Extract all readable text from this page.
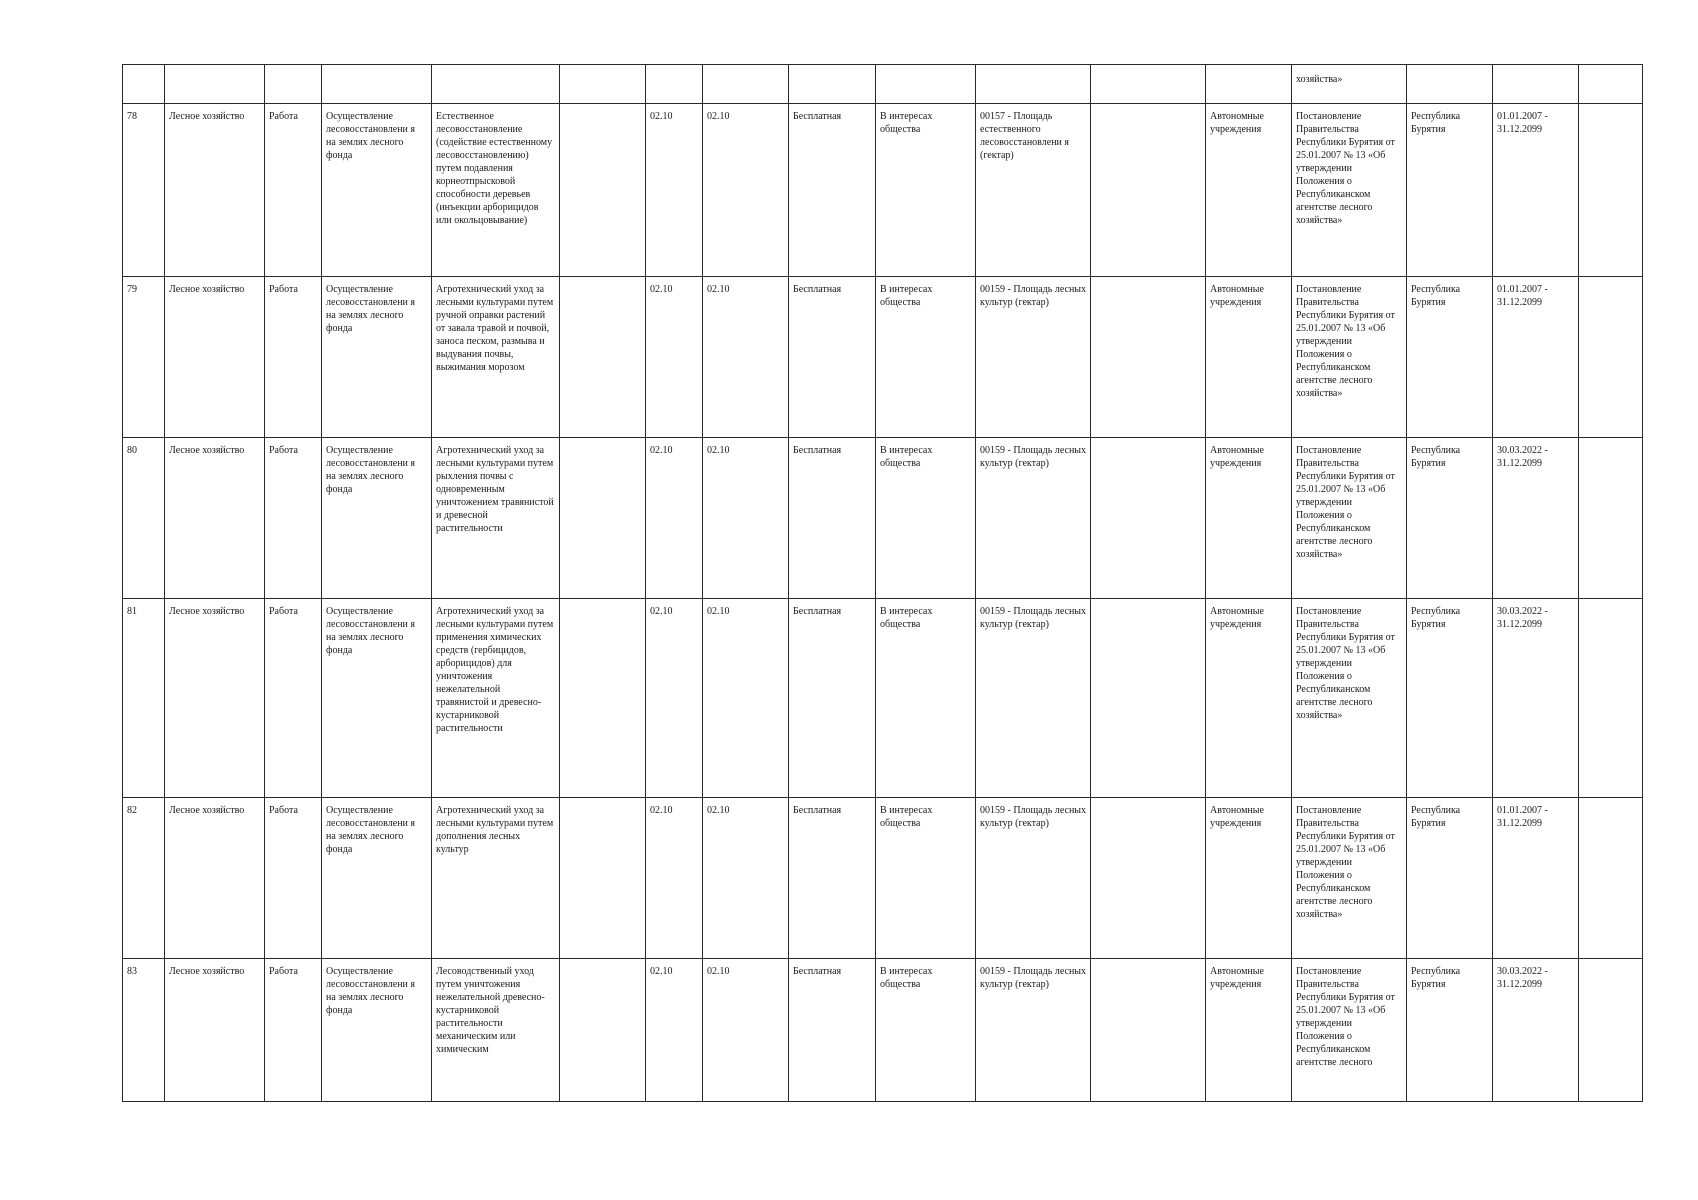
													хозяйства»			
78	Лесное хозяйство	Работа	Осуществление лесовосстановлени я на землях лесного фонда	Естественное лесовосстановление (содействие естественному лесовосстановлению) путем подавления корнеотпрысковой способности деревьев (инъекции арборицидов или окольцовывание)		02.10	02.10	Бесплатная	В интересах общества	00157 - Площадь естественного лесовосстановлени я (гектар)		Автономные учреждения	Постановление Правительства Республики Бурятия от 25.01.2007 № 13 «Об утверждении Положения о Республиканском агентстве лесного хозяйства»	Республика Бурятия	01.01.2007 - 31.12.2099	
79	Лесное хозяйство	Работа	Осуществление лесовосстановлени я на землях лесного фонда	Агротехнический уход за лесными культурами путем ручной оправки растений от завала травой и почвой, заноса песком, размыва и выдувания почвы, выжимания морозом		02.10	02.10	Бесплатная	В интересах общества	00159 - Площадь лесных культур (гектар)		Автономные учреждения	Постановление Правительства Республики Бурятия от 25.01.2007 № 13 «Об утверждении Положения о Республиканском агентстве лесного хозяйства»	Республика Бурятия	01.01.2007 - 31.12.2099	
80	Лесное хозяйство	Работа	Осуществление лесовосстановлени я на землях лесного фонда	Агротехнический уход за лесными культурами путем рыхления почвы с одновременным уничтожением травянистой и древесной растительности		02.10	02.10	Бесплатная	В интересах общества	00159 - Площадь лесных культур (гектар)		Автономные учреждения	Постановление Правительства Республики Бурятия от 25.01.2007 № 13 «Об утверждении Положения о Республиканском агентстве лесного хозяйства»	Республика Бурятия	30.03.2022 - 31.12.2099	
81	Лесное хозяйство	Работа	Осуществление лесовосстановлени я на землях лесного фонда	Агротехнический уход за лесными культурами путем применения химических средств (гербицидов, арборицидов) для уничтожения нежелательной травянистой и древесно-кустарниковой растительности		02.10	02.10	Бесплатная	В интересах общества	00159 - Площадь лесных культур (гектар)		Автономные учреждения	Постановление Правительства Республики Бурятия от 25.01.2007 № 13 «Об утверждении Положения о Республиканском агентстве лесного хозяйства»	Республика Бурятия	30.03.2022 - 31.12.2099	
82	Лесное хозяйство	Работа	Осуществление лесовосстановлени я на землях лесного фонда	Агротехнический уход за лесными культурами путем дополнения лесных культур		02.10	02.10	Бесплатная	В интересах общества	00159 - Площадь лесных культур (гектар)		Автономные учреждения	Постановление Правительства Республики Бурятия от 25.01.2007 № 13 «Об утверждении Положения о Республиканском агентстве лесного хозяйства»	Республика Бурятия	01.01.2007 - 31.12.2099	
83	Лесное хозяйство	Работа	Осуществление лесовосстановлени я на землях лесного фонда	Лесоводственный уход путем уничтожения нежелательной древесно-кустарниковой растительности механическим или химическим		02.10	02.10	Бесплатная	В интересах общества	00159 - Площадь лесных культур (гектар)		Автономные учреждения	Постановление Правительства Республики Бурятия от 25.01.2007 № 13 «Об утверждении Положения о Республиканском агентстве лесного	Республика Бурятия	30.03.2022 - 31.12.2099	
